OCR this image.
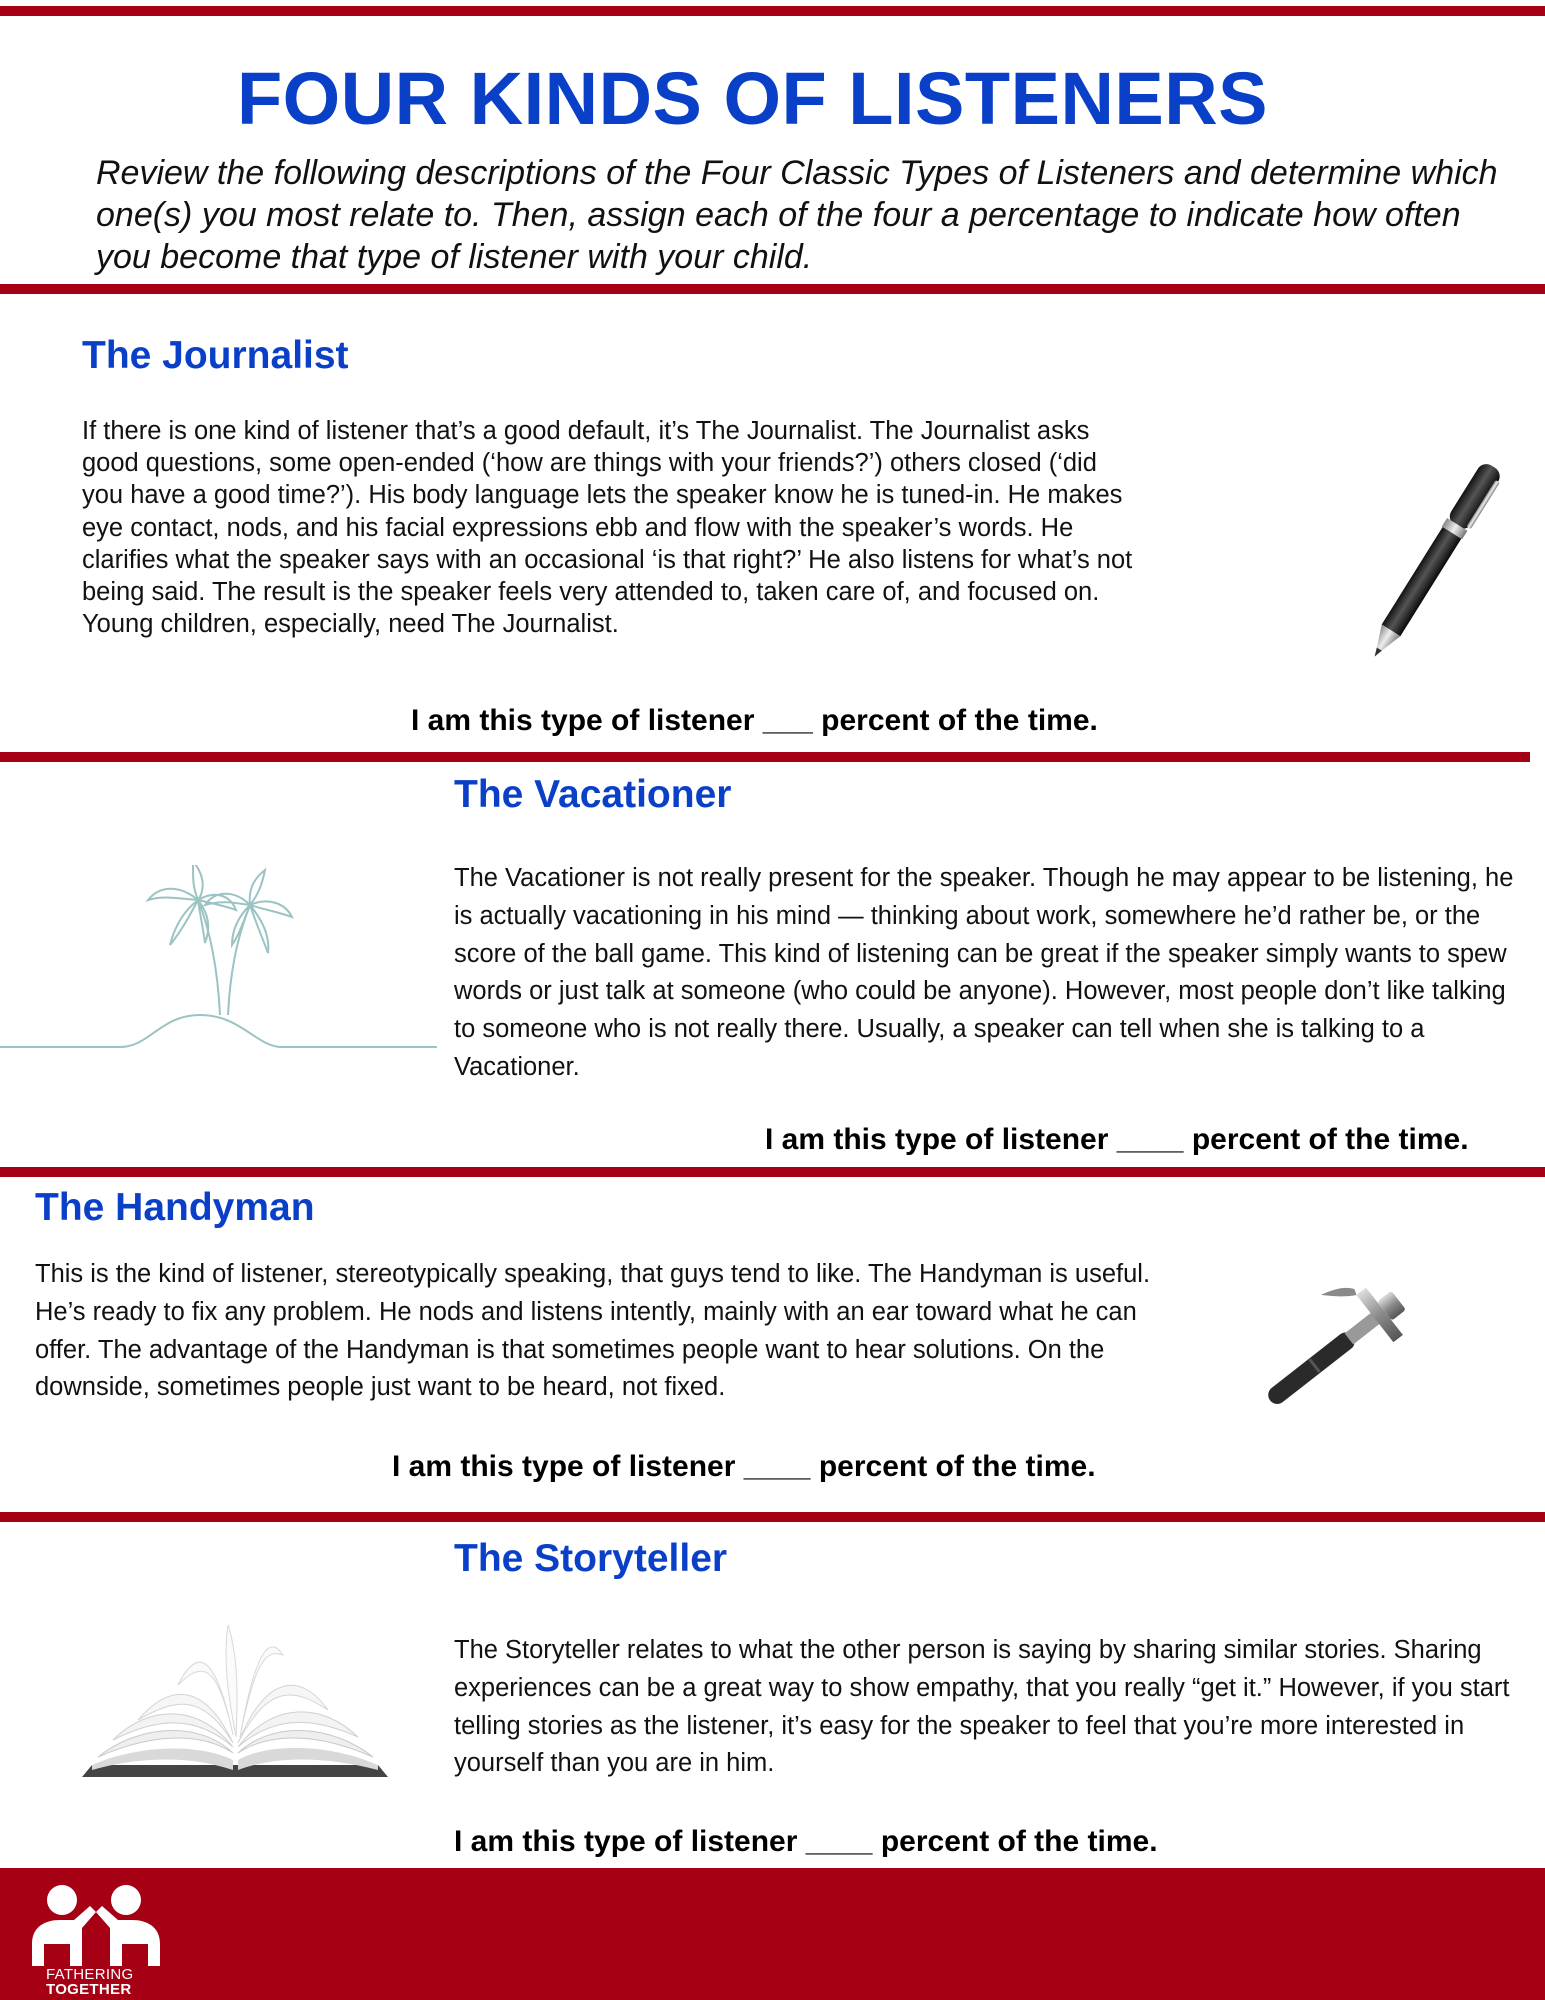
FOUR KINDS OF LISTENERS

Review the following descriptions of the Four Classic Types of Listeners and determine which one(s) you most relate to. Then, assign each of the four a percentage to indicate how often you become that type of listener with your child.

The Journalist

If there is one kind of listener that’s a good default, it’s The Journalist. The Journalist asks good questions, some open-ended (‘how are things with your friends?’) others closed (‘did you have a good time?’). His body language lets the speaker know he is tuned-in. He makes eye contact, nods, and his facial expressions ebb and flow with the speaker’s words. He clarifies what the speaker says with an occasional ‘is that right?’ He also listens for what’s not being said. The result is the speaker feels very attended to, taken care of, and focused on. Young children, especially, need The Journalist.

I am this type of listener ___ percent of the time.

The Vacationer

The Vacationer is not really present for the speaker. Though he may appear to be listening, he is actually vacationing in his mind — thinking about work, somewhere he’d rather be, or the score of the ball game. This kind of listening can be great if the speaker simply wants to spew words or just talk at someone (who could be anyone). However, most people don’t like talking to someone who is not really there. Usually, a speaker can tell when she is talking to a Vacationer.

I am this type of listener ____ percent of the time.

The Handyman

This is the kind of listener, stereotypically speaking, that guys tend to like. The Handyman is useful. He’s ready to fix any problem. He nods and listens intently, mainly with an ear toward what he can offer. The advantage of the Handyman is that sometimes people want to hear solutions. On the downside, sometimes people just want to be heard, not fixed.

I am this type of listener ____ percent of the time.

The Storyteller

The Storyteller relates to what the other person is saying by sharing similar stories. Sharing experiences can be a great way to show empathy, that you really “get it.” However, if you start telling stories as the listener, it’s easy for the speaker to feel that you’re more interested in yourself than you are in him.

I am this type of listener ____ percent of the time.

FATHERING
TOGETHER
